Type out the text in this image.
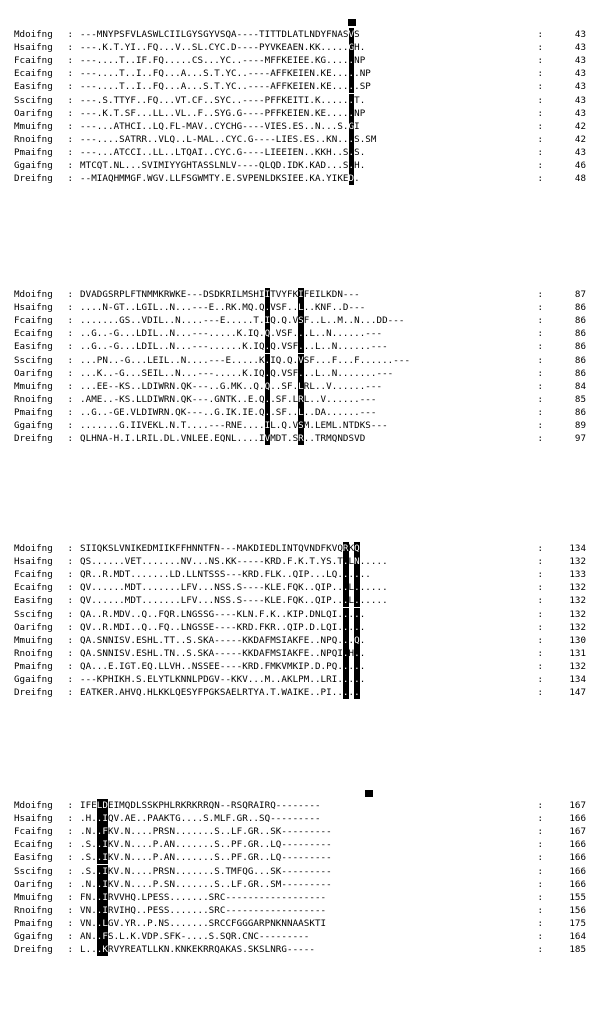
Mdoifng : ---MNYPSFVLASWLCIILGYSGYVSQA----TITTDLATLNDYFNASVS	:	43
Hsaifng : ---.K.T.YI..FQ...V..SL.CYC.D----PYVKEAEN.KK.....GH.	:	43
Fcaifng : ---....T..IF.FQ.....CS...YC..----MFFKEIEE.KG.....NP	:	43
Ecaifng : ---....T..I..FQ...A...S.T.YC..----AFFKEIEN.KE.....NP	:	43
Easifng : ---....T..I..FQ...A...S.T.YC..----AFFKEIEN.KE.....SP	:	43
Sscifng : ---.S.TTYF..FQ...VT.CF..SYC..----PFFKEITI.K......T.	:	43
Oarifng : ---.K.T.SF...LL..VL..F..SYG.G----PFFKEIEN.KE.....NP	:	43
Mmuifng : ---...ATHCI..LQ.FL-MAV..CYCHG----VIES.ES..N...S.GI	:	42
Rnoifng : ---....SATRR..VLQ..L-MAL..CYC.G----LIES.ES..KN...S.SM	:	42
Pmaifng : ---...ATCCI..LL..LTQAI..CYC.G----LIEEIEN..KKH..S.S.	:	43
Ggaifng : MTCQT.NL...SVIMIYYGHTASSLNLV----QLQD.IDK.KAD...S.H.	:	46
Dreifng : --MIAQHMMGF.WGV.LLFSGWMTY.E.SVPENLDKSIEE.KA.YIKED.	:	48
Mdoifng : DVADGSRPLFTNMMKRWKE---DSDKRILMSHIITVYFKIFEILKDN---	:	87
Hsaifng : ....N-GT..LGIL..N...---E..RK.MQ.Q.VSF..L..KNF..D---	:	86
Fcaifng : .......GS..VDIL..N....---E.....T.IQ.Q.VSF..L..M..N...DD---	:	86
Ecaifng : ..G..-G...LDIL..N...---.....K.IQ.Q.VSF...L..N......---	:	86
Easifng : ..G..-G...LDIL..N...---......K.IQ.Q.VSF...L..N......---	:	86
Sscifng : ...PN..-G...LEIL..N....---E.....K.IQ.Q.VSF...F...F......---	:	86
Oarifng : ...K..-G...SEIL..N...---.....K.IQ.Q.VSF...L..N.......---	:	86
Mmuifng : ...EE--KS..LDIWRN.QK---..G.MK..Q.Q..SF.LRL..V......---	:	84
Rnoifng : .AME..-KS.LLDIWRN.QK---.GNTK..E.Q..SF.LRL..V......---	:	85
Pmaifng : ..G..-GE.VLDIWRN.QK---..G.IK.IE.Q..SF..L..DA......---	:	86
Ggaifng : .......G.IIVEKL.N.T....---RNE....IL.Q.VSM.LEML.NTDKS---	:	89
Dreifng : QLHNA-H.I.LRIL.DL.VNLEE.EQNL....IVMDT.SR..TRMQNDSVD	:	97
Mdoifng : SIIQKSLVNIKEDMIIKFFHNNTFN---MAKDIEDLINTQVNDFKVQRKQ	:	134
Hsaifng : QS......VET.......NV...NS.KK-----KRD.F.K.T.YS.T.LN.....	:	132
Fcaifng : QR..R.MDT.......LD.LLNTSSS---KRD.FLK..QIP...LQ......	:	133
Ecaifng : QV......MDT.......LFV...NSS.S----KLE.FQK..QIP...L......	:	132
Easifng : QV......MDT.......LFV...NSS.S----KLE.FQK..QIP...L......	:	132
Sscifng : QA..R.MDV..Q..FQR.LNGSSG----KLN.F.K..KIP.DNLQI.....	:	132
Oarifng : QV..R.MDI..Q..FQ..LNGSSE----KRD.FKR..QIP.D.LQI.....	:	132
Mmuifng : QA.SNNISV.ESHL.TT..S.SKA-----KKDAFMSIAKFE..NPQ...Q.	:	130
Rnoifng : QA.SNNISV.ESHL.TN..S.SKA-----KKDAFMSIAKFE..NPQI.H..	:	131
Pmaifng : QA...E.IGT.EQ.LLVH..NSSEE----KRD.FMKVMKIP.D.PQ.....	:	132
Ggaifng : ---KPHIKH.S.ELYTLKNNLPDGV--KKV...M..AKLPM..LRI.....	:	134
Dreifng : EATKER.AHVQ.HLKKLQESYFPGKSAELRTYA.T.WAIKE..PI.....	:	147
Mdoifng : IFELDEIMQDLSSKPHLRKRKRRQN--RSQRAIRQ--------	:	167
Hsaifng : .H..IQV.AE..PAAKTG....S.MLF.GR..SQ---------	:	166
Fcaifng : .N..FKV.N....PRSN.......S..LF.GR..SK---------	:	167
Ecaifng : .S..IKV.N....P.AN.......S..PF.GR..LQ---------	:	166
Easifng : .S..IKV.N....P.AN.......S..PF.GR..LQ---------	:	166
Sscifng : .S..IKV.N....PRSN.......S.TMFQG...SK---------	:	166
Oarifng : .N..IKV.N....P.SN.......S..LF.GR..SM---------	:	166
Mmuifng : FN..IRVVHQ.LPESS.......SRC------------------	:	155
Rnoifng : VN..IRVIHQ..PESS.......SRC------------------	:	156
Pmaifng : VN..LGV.YR..P.NS.......SRCCFGGGARPNKNNAASKTI	:	175
Ggaifng : AN..FS.L.K.VDP.SFK-....S.SQR.CNC---------	:	164
Dreifng : L...KRVYREATLLKN.KNKEKRRQAKAS.SKSLNRG-----	:	185
